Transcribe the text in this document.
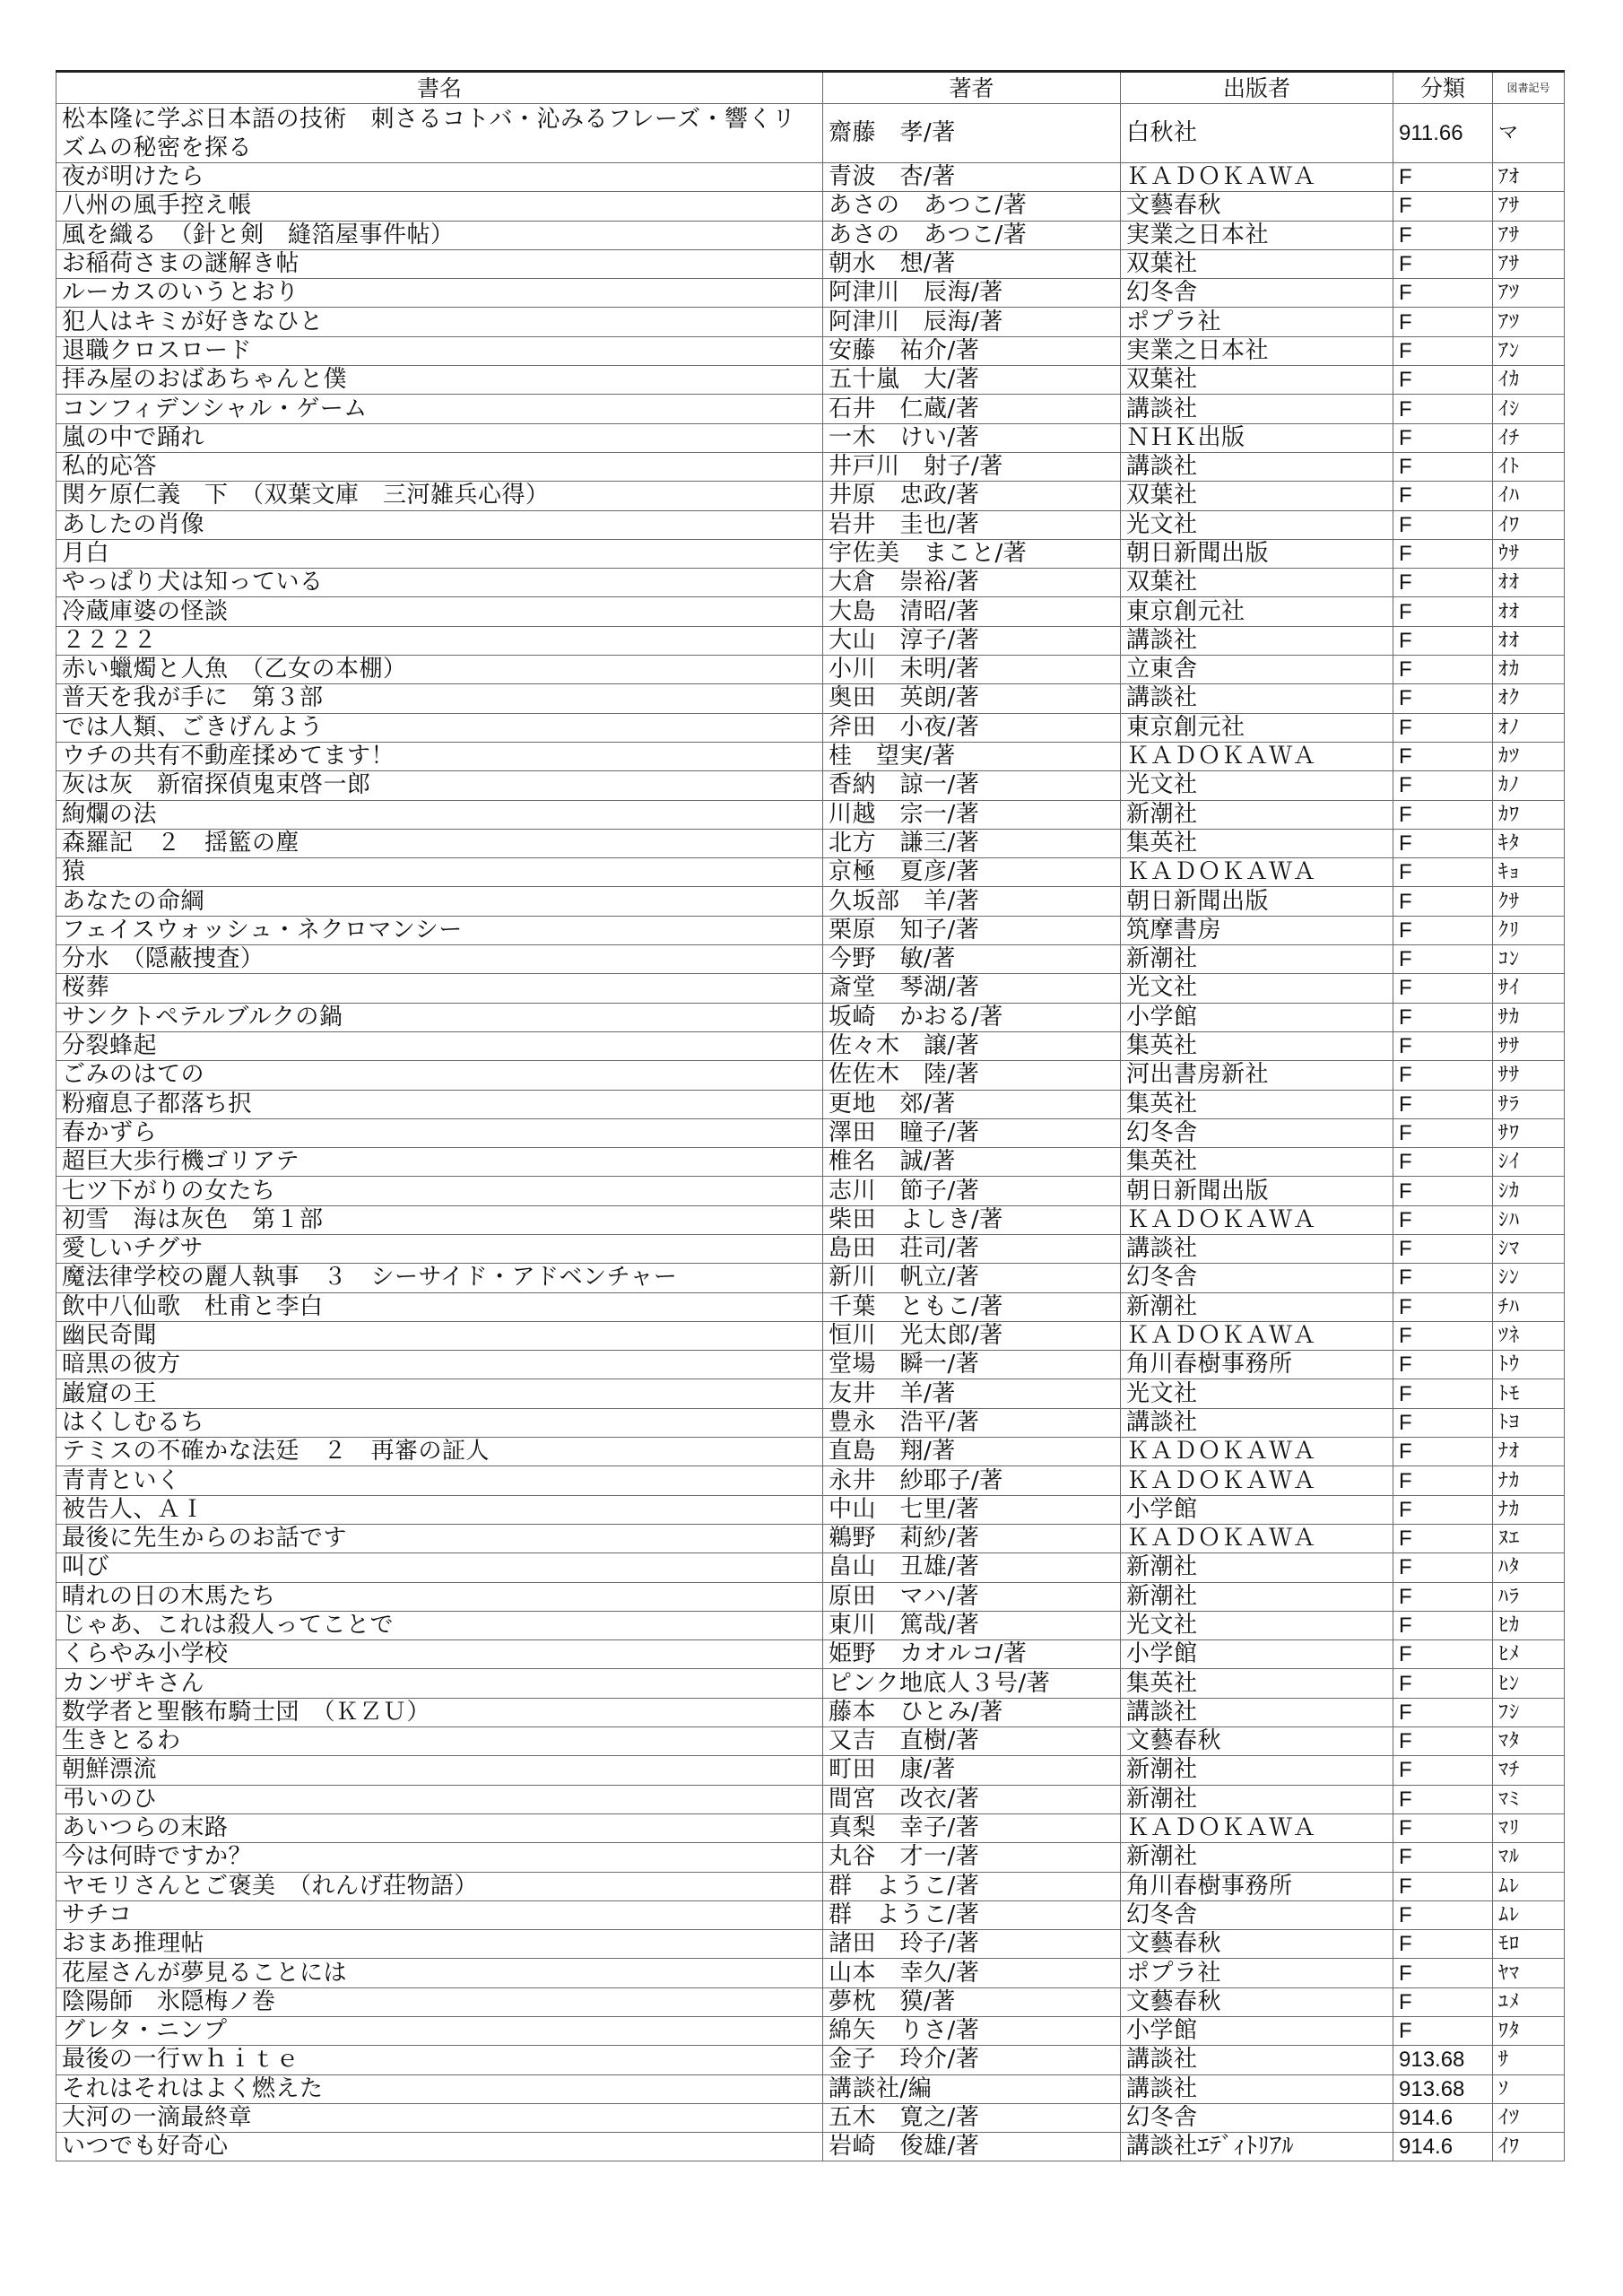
書名	著者	出版者	分類	図書記号
松本隆に学ぶ日本語の技術　刺さるコトバ・沁みるフレーズ・響くリズムの秘密を探る	齋藤　孝/著	白秋社	911.66	マ
夜が明けたら	青波　杏/著	ＫＡＤＯＫＡＷＡ	F	ｱｵ
八州の風手控え帳	あさの　あつこ/著	文藝春秋	F	ｱｻ
風を織る　（針と剣　縫箔屋事件帖）	あさの　あつこ/著	実業之日本社	F	ｱｻ
お稲荷さまの謎解き帖	朝水　想/著	双葉社	F	ｱｻ
ルーカスのいうとおり	阿津川　辰海/著	幻冬舎	F	ｱﾂ
犯人はキミが好きなひと	阿津川　辰海/著	ポプラ社	F	ｱﾂ
退職クロスロード	安藤　祐介/著	実業之日本社	F	ｱﾝ
拝み屋のおばあちゃんと僕	五十嵐　大/著	双葉社	F	ｲｶ
コンフィデンシャル・ゲーム	石井　仁蔵/著	講談社	F	ｲｼ
嵐の中で踊れ	一木　けい/著	ＮＨＫ出版	F	ｲﾁ
私的応答	井戸川　射子/著	講談社	F	ｲﾄ
関ケ原仁義　下　（双葉文庫　三河雑兵心得）	井原　忠政/著	双葉社	F	ｲﾊ
あしたの肖像	岩井　圭也/著	光文社	F	ｲﾜ
月白	宇佐美　まこと/著	朝日新聞出版	F	ｳｻ
やっぱり犬は知っている	大倉　崇裕/著	双葉社	F	ｵｵ
冷蔵庫婆の怪談	大島　清昭/著	東京創元社	F	ｵｵ
２２２２	大山　淳子/著	講談社	F	ｵｵ
赤い蠟燭と人魚　（乙女の本棚）	小川　未明/著	立東舎	F	ｵｶ
普天を我が手に　第３部	奥田　英朗/著	講談社	F	ｵｸ
では人類、ごきげんよう	斧田　小夜/著	東京創元社	F	ｵﾉ
ウチの共有不動産揉めてます！	桂　望実/著	ＫＡＤＯＫＡＷＡ	F	ｶﾂ
灰は灰　新宿探偵鬼束啓一郎	香納　諒一/著	光文社	F	ｶﾉ
絢爛の法	川越　宗一/著	新潮社	F	ｶﾜ
森羅記　２　揺籃の塵	北方　謙三/著	集英社	F	ｷﾀ
猿	京極　夏彦/著	ＫＡＤＯＫＡＷＡ	F	ｷｮ
あなたの命綱	久坂部　羊/著	朝日新聞出版	F	ｸｻ
フェイスウォッシュ・ネクロマンシー	栗原　知子/著	筑摩書房	F	ｸﾘ
分水　（隠蔽捜査）	今野　敏/著	新潮社	F	ｺﾝ
桜葬	斎堂　琴湖/著	光文社	F	ｻｲ
サンクトペテルブルクの鍋	坂崎　かおる/著	小学館	F	ｻｶ
分裂蜂起	佐々木　譲/著	集英社	F	ｻｻ
ごみのはての	佐佐木　陸/著	河出書房新社	F	ｻｻ
粉瘤息子都落ち択	更地　郊/著	集英社	F	ｻﾗ
春かずら	澤田　瞳子/著	幻冬舎	F	ｻﾜ
超巨大歩行機ゴリアテ	椎名　誠/著	集英社	F	ｼｲ
七ツ下がりの女たち	志川　節子/著	朝日新聞出版	F	ｼｶ
初雪　海は灰色　第１部	柴田　よしき/著	ＫＡＤＯＫＡＷＡ	F	ｼﾊ
愛しいチグサ	島田　荘司/著	講談社	F	ｼﾏ
魔法律学校の麗人執事　３　シーサイド・アドベンチャー	新川　帆立/著	幻冬舎	F	ｼﾝ
飲中八仙歌　杜甫と李白	千葉　ともこ/著	新潮社	F	ﾁﾊ
幽民奇聞	恒川　光太郎/著	ＫＡＤＯＫＡＷＡ	F	ﾂﾈ
暗黒の彼方	堂場　瞬一/著	角川春樹事務所	F	ﾄｳ
巌窟の王	友井　羊/著	光文社	F	ﾄﾓ
はくしむるち	豊永　浩平/著	講談社	F	ﾄﾖ
テミスの不確かな法廷　２　再審の証人	直島　翔/著	ＫＡＤＯＫＡＷＡ	F	ﾅｵ
青青といく	永井　紗耶子/著	ＫＡＤＯＫＡＷＡ	F	ﾅｶ
被告人、ＡＩ	中山　七里/著	小学館	F	ﾅｶ
最後に先生からのお話です	鵜野　莉紗/著	ＫＡＤＯＫＡＷＡ	F	ﾇｴ
叫び	畠山　丑雄/著	新潮社	F	ﾊﾀ
晴れの日の木馬たち	原田　マハ/著	新潮社	F	ﾊﾗ
じゃあ、これは殺人ってことで	東川　篤哉/著	光文社	F	ﾋｶ
くらやみ小学校	姫野　カオルコ/著	小学館	F	ﾋﾒ
カンザキさん	ピンク地底人３号/著	集英社	F	ﾋﾝ
数学者と聖骸布騎士団　（ＫＺＵ）	藤本　ひとみ/著	講談社	F	ﾌｼ
生きとるわ	又吉　直樹/著	文藝春秋	F	ﾏﾀ
朝鮮漂流	町田　康/著	新潮社	F	ﾏﾁ
弔いのひ	間宮　改衣/著	新潮社	F	ﾏﾐ
あいつらの末路	真梨　幸子/著	ＫＡＤＯＫＡＷＡ	F	ﾏﾘ
今は何時ですか？	丸谷　才一/著	新潮社	F	ﾏﾙ
ヤモリさんとご褒美　（れんげ荘物語）	群　ようこ/著	角川春樹事務所	F	ﾑﾚ
サチコ	群　ようこ/著	幻冬舎	F	ﾑﾚ
おまあ推理帖	諸田　玲子/著	文藝春秋	F	ﾓﾛ
花屋さんが夢見ることには	山本　幸久/著	ポプラ社	F	ﾔﾏ
陰陽師　氷隠梅ノ巻	夢枕　獏/著	文藝春秋	F	ﾕﾒ
グレタ・ニンプ	綿矢　りさ/著	小学館	F	ﾜﾀ
最後の一行ｗｈｉｔｅ	金子　玲介/著	講談社	913.68	ｻ
それはそれはよく燃えた	講談社/編	講談社	913.68	ｿ
大河の一滴最終章	五木　寛之/著	幻冬舎	914.6	ｲﾂ
いつでも好奇心	岩崎　俊雄/著	講談社ｴﾃﾞｨﾄﾘｱﾙ	914.6	ｲﾜ
